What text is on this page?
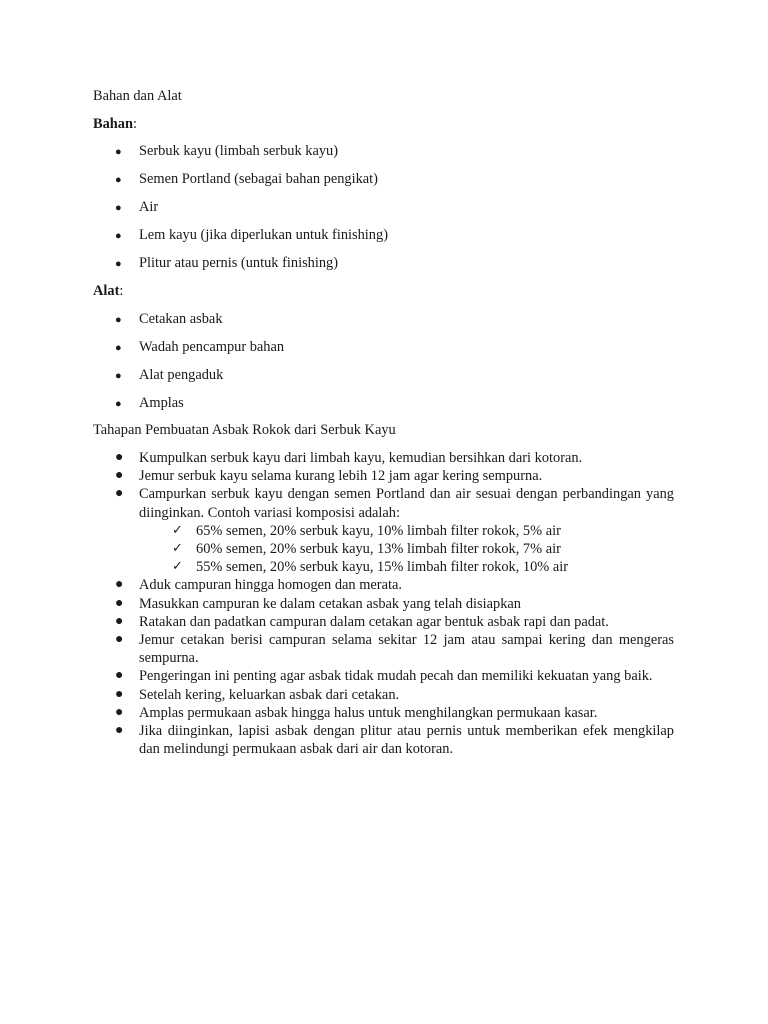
Bahan dan Alat
Bahan:
● Serbuk kayu (limbah serbuk kayu)
● Semen Portland (sebagai bahan pengikat)
● Air
● Lem kayu (jika diperlukan untuk finishing)
● Plitur atau pernis (untuk finishing)
Alat:
● Cetakan asbak
● Wadah pencampur bahan
● Alat pengaduk
● Amplas
Tahapan Pembuatan Asbak Rokok dari Serbuk Kayu
● Kumpulkan serbuk kayu dari limbah kayu, kemudian bersihkan dari kotoran.
● Jemur serbuk kayu selama kurang lebih 12 jam agar kering sempurna.
● Campurkan serbuk kayu dengan semen Portland dan air sesuai dengan perbandingan yang diinginkan. Contoh variasi komposisi adalah:
✓ 65% semen, 20% serbuk kayu, 10% limbah filter rokok, 5% air
✓ 60% semen, 20% serbuk kayu, 13% limbah filter rokok, 7% air
✓ 55% semen, 20% serbuk kayu, 15% limbah filter rokok, 10% air
● Aduk campuran hingga homogen dan merata.
● Masukkan campuran ke dalam cetakan asbak yang telah disiapkan
● Ratakan dan padatkan campuran dalam cetakan agar bentuk asbak rapi dan padat.
● Jemur cetakan berisi campuran selama sekitar 12 jam atau sampai kering dan mengeras sempurna.
● Pengeringan ini penting agar asbak tidak mudah pecah dan memiliki kekuatan yang baik.
● Setelah kering, keluarkan asbak dari cetakan.
● Amplas permukaan asbak hingga halus untuk menghilangkan permukaan kasar.
● Jika diinginkan, lapisi asbak dengan plitur atau pernis untuk memberikan efek mengkilap dan melindungi permukaan asbak dari air dan kotoran.
